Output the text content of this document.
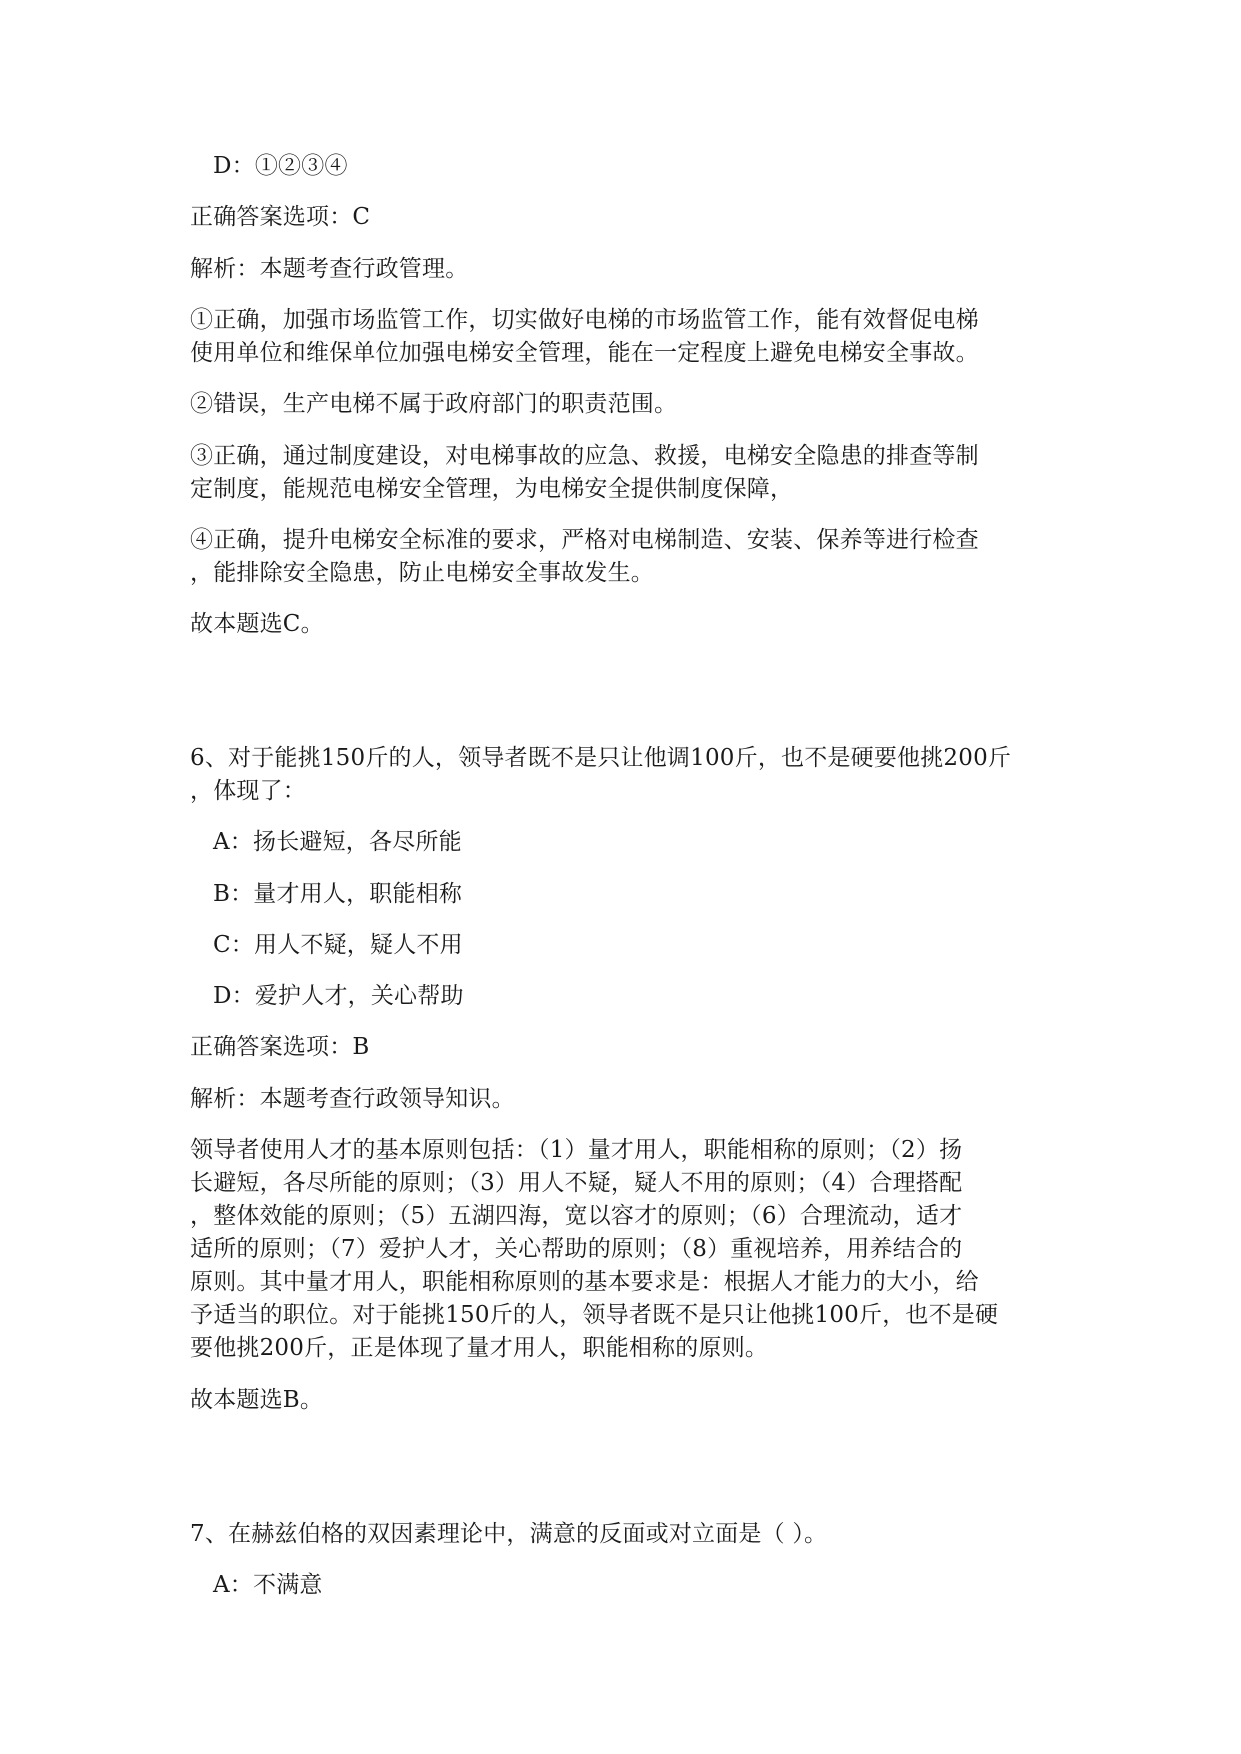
D：①②③④
正确答案选项：C
解析：本题考查行政管理。
①正确，加强市场监管工作，切实做好电梯的市场监管工作，能有效督促电梯
使用单位和维保单位加强电梯安全管理，能在一定程度上避免电梯安全事故。
②错误，生产电梯不属于政府部门的职责范围。
③正确，通过制度建设，对电梯事故的应急、救援，电梯安全隐患的排查等制
定制度，能规范电梯安全管理，为电梯安全提供制度保障，
④正确，提升电梯安全标准的要求，严格对电梯制造、安装、保养等进行检查
，能排除安全隐患，防止电梯安全事故发生。
故本题选C。
6、对于能挑150斤的人，领导者既不是只让他调100斤，也不是硬要他挑200斤
，体现了：
A：扬长避短，各尽所能
B：量才用人，职能相称
C：用人不疑，疑人不用
D：爱护人才，关心帮助
正确答案选项：B
解析：本题考查行政领导知识。
领导者使用人才的基本原则包括：（1）量才用人，职能相称的原则；（2）扬
长避短，各尽所能的原则；（3）用人不疑，疑人不用的原则；（4）合理搭配
，整体效能的原则；（5）五湖四海，宽以容才的原则；（6）合理流动，适才
适所的原则；（7）爱护人才，关心帮助的原则；（8）重视培养，用养结合的
原则。其中量才用人，职能相称原则的基本要求是：根据人才能力的大小，给
予适当的职位。对于能挑150斤的人，领导者既不是只让他挑100斤，也不是硬
要他挑200斤，正是体现了量才用人，职能相称的原则。
故本题选B。
7、在赫兹伯格的双因素理论中，满意的反面或对立面是（ ）。
A：不满意
